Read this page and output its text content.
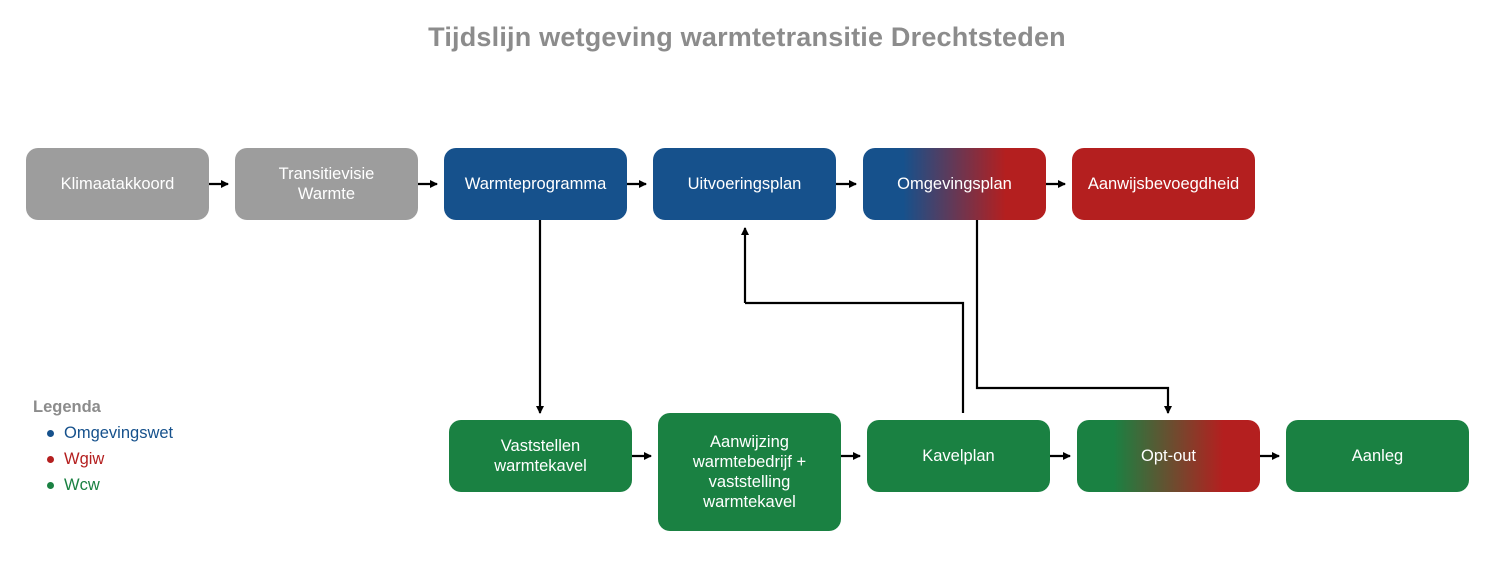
Tijdslijn wetgeving warmtetransitie Drechtsteden
Klimaatakkoord
Transitievisie
Warmte
Warmteprogramma	Uitvoeringsplan	Omgevingsplan	Aanwijsbevoegdheid
Vaststellen
warmtekavel
Aanwijzing
warmtebedrijf +
vaststelling
warmtekavel
Kavelplan	Opt-out	Aanleg
Legenda
Omgevingswet
Wgiw
Wcw
